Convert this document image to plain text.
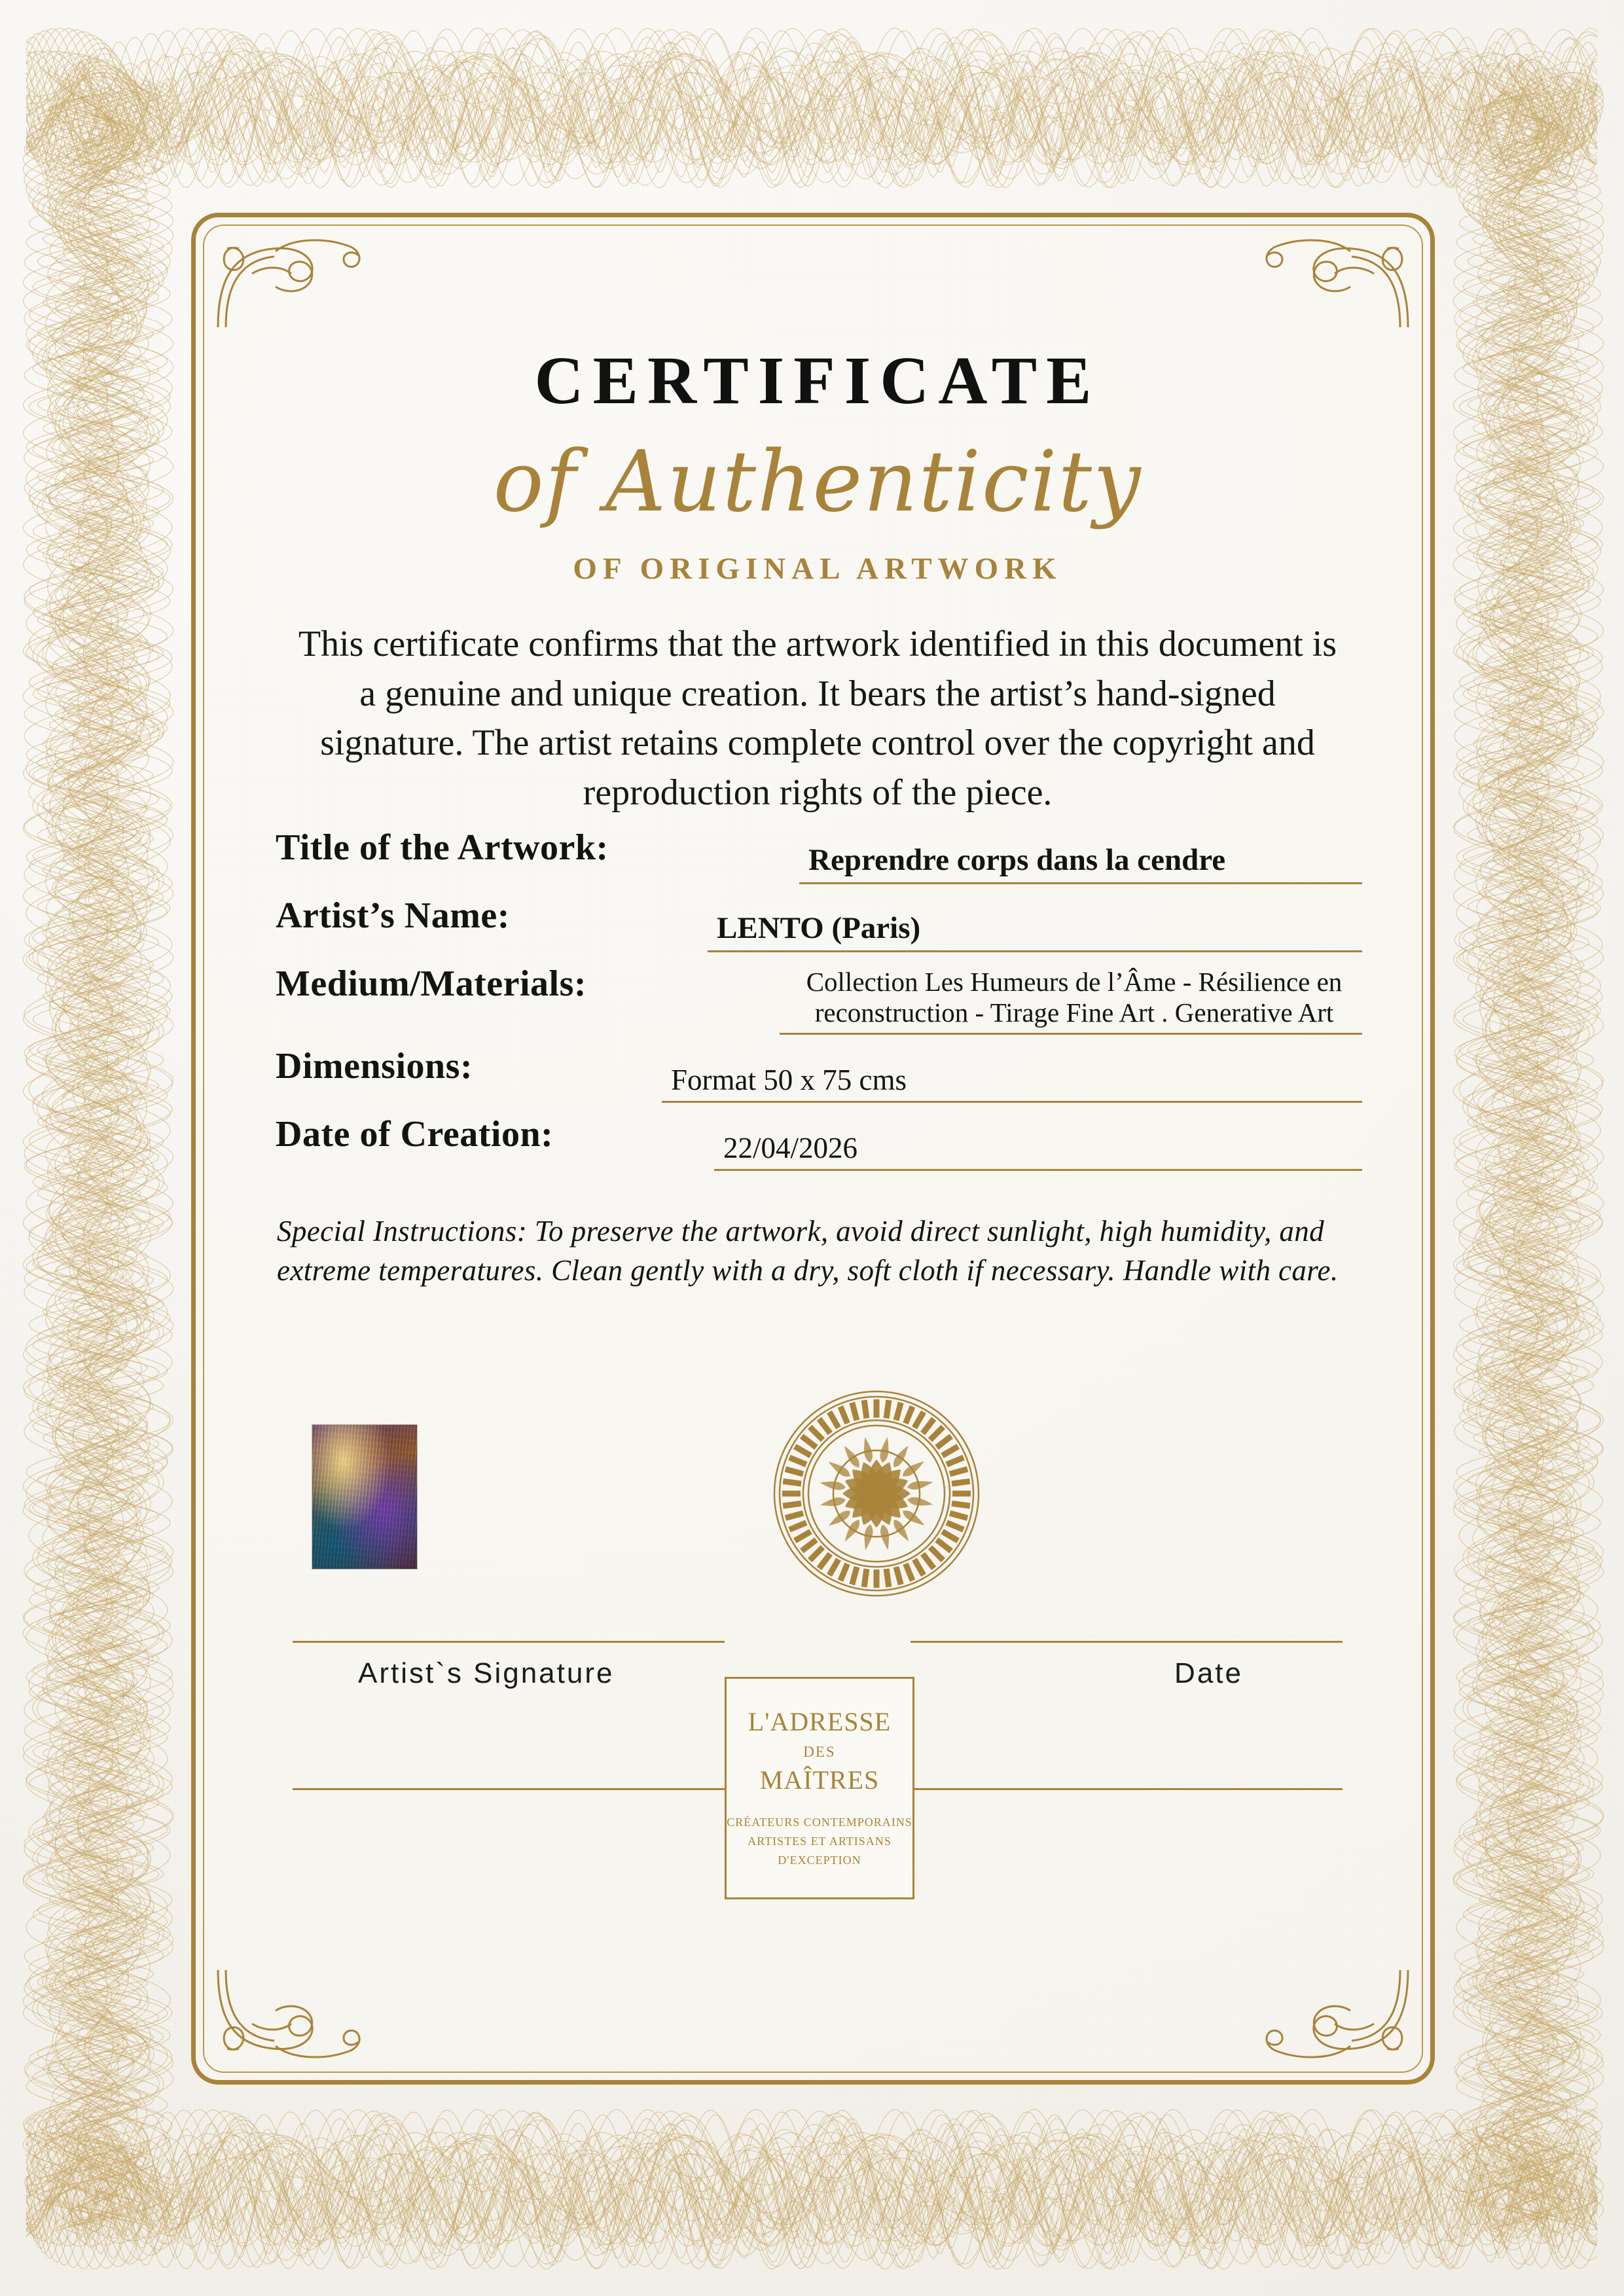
CERTIFICATE
of Authenticity
OF ORIGINAL ARTWORK
This certificate confirms that the artwork identified in this document is a genuine and unique creation. It bears the artist’s hand-signed signature. The artist retains complete control over the copyright and reproduction rights of the piece.
Title of the Artwork:	Reprendre corps dans la cendre
Artist’s Name:	LENTO (Paris)
Medium/Materials:	Collection Les Humeurs de l’Âme - Résilience en reconstruction - Tirage Fine Art . Generative Art
Dimensions:	Format 50 x 75 cms
Date of Creation:	22/04/2026
Special Instructions: To preserve the artwork, avoid direct sunlight, high humidity, and extreme temperatures. Clean gently with a dry, soft cloth if necessary. Handle with care.
Artist`s Signature	Date
L'ADRESSE
DES
MAÎTRES
CRÉATEURS CONTEMPORAINS
ARTISTES ET ARTISANS
D'EXCEPTION
